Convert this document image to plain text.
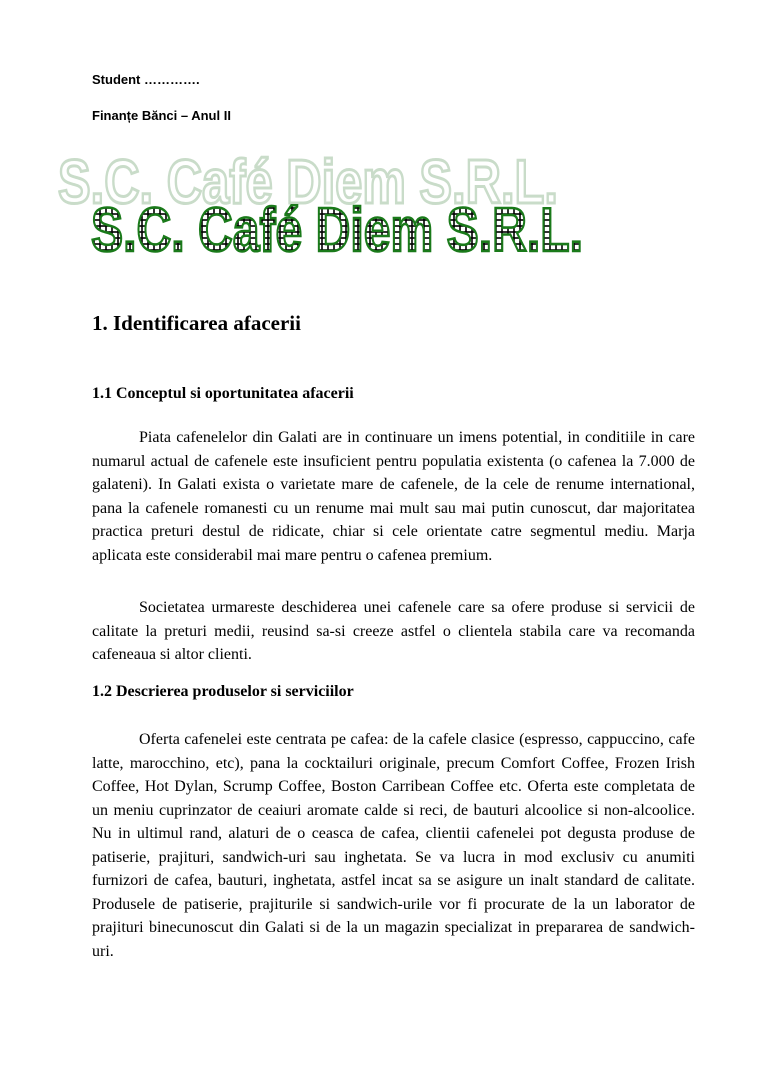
Student ………….
Finanțe Bănci – Anul II
S.C. Café Diem S.R.L.
S.C. Café Diem S.R.L.
1. Identificarea afacerii
1.1 Conceptul si oportunitatea afacerii

Piata cafenelelor din Galati are in continuare un imens potential, in conditiile in care numarul actual de cafenele este insuficient pentru populatia existenta (o cafenea la 7.000 de galateni). In Galati exista o varietate mare de cafenele, de la cele de renume international, pana la cafenele romanesti cu un renume mai mult sau mai putin cunoscut, dar majoritatea practica preturi destul de ridicate, chiar si cele orientate catre segmentul mediu. Marja aplicata este considerabil mai mare pentru o cafenea premium.

Societatea urmareste deschiderea unei cafenele care sa ofere produse si servicii de calitate la preturi medii, reusind sa-si creeze astfel o clientela stabila care va recomanda cafeneaua si altor clienti.

1.2 Descrierea produselor si serviciilor

Oferta cafenelei este centrata pe cafea: de la cafele clasice (espresso, cappuccino, cafe latte, marocchino, etc), pana la cocktailuri originale, precum Comfort Coffee, Frozen Irish Coffee, Hot Dylan, Scrump Coffee, Boston Carribean Coffee etc. Oferta este completata de un meniu cuprinzator de ceaiuri aromate calde si reci, de bauturi alcoolice si non-alcoolice. Nu in ultimul rand, alaturi de o ceasca de cafea, clientii cafenelei pot degusta produse de patiserie, prajituri, sandwich-uri sau inghetata. Se va lucra in mod exclusiv cu anumiti furnizori de cafea, bauturi, inghetata, astfel incat sa se asigure un inalt standard de calitate. Produsele de patiserie, prajiturile si sandwich-urile vor fi procurate de la un laborator de prajituri binecunoscut din Galati si de la un magazin specializat in prepararea de sandwich-uri.
